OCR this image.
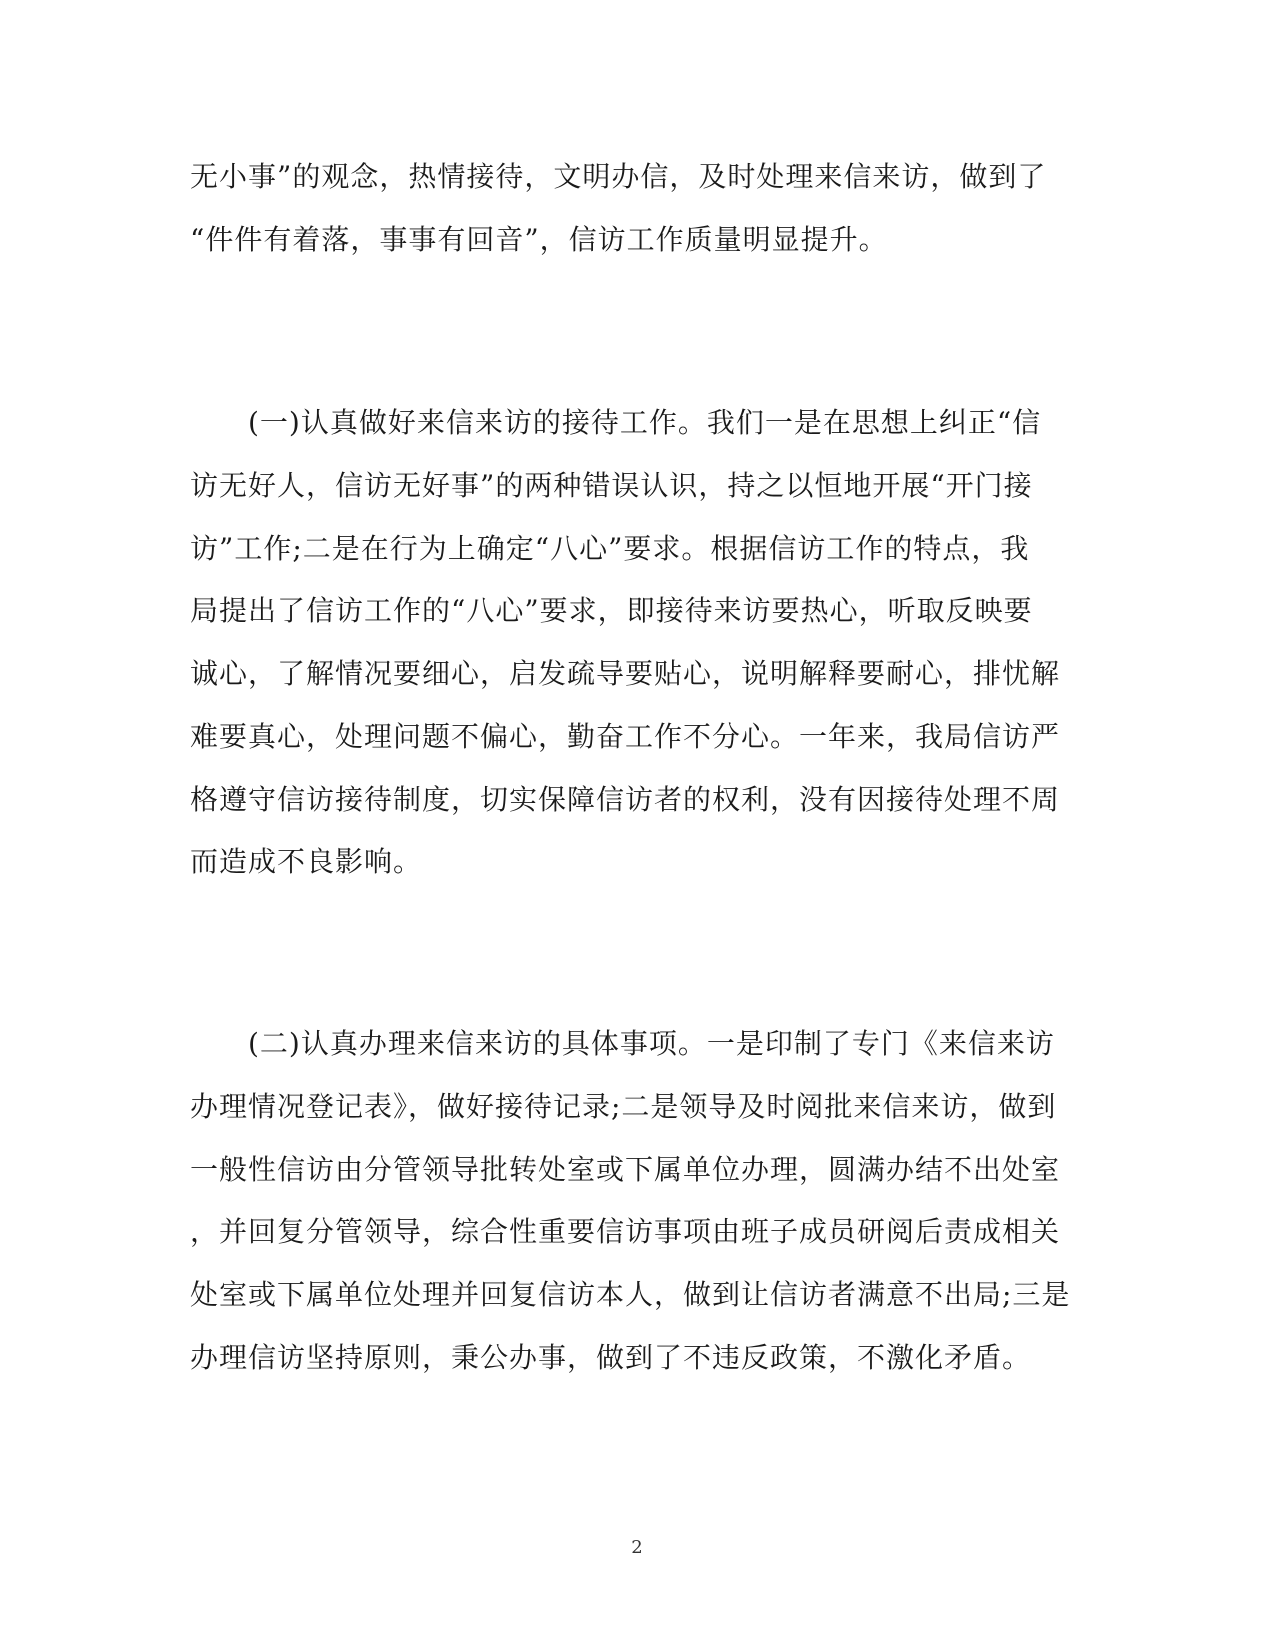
无小事”的观念，热情接待，文明办信，及时处理来信来访，做到了
“件件有着落，事事有回音”，信访工作质量明显提升。
　　(一)认真做好来信来访的接待工作。我们一是在思想上纠正“信
访无好人，信访无好事”的两种错误认识，持之以恒地开展“开门接
访”工作;二是在行为上确定“八心”要求。根据信访工作的特点，我
局提出了信访工作的“八心”要求，即接待来访要热心，听取反映要
诚心，了解情况要细心，启发疏导要贴心，说明解释要耐心，排忧解
难要真心，处理问题不偏心，勤奋工作不分心。一年来，我局信访严
格遵守信访接待制度，切实保障信访者的权利，没有因接待处理不周
而造成不良影响。
　　(二)认真办理来信来访的具体事项。一是印制了专门《来信来访
办理情况登记表》，做好接待记录;二是领导及时阅批来信来访，做到
一般性信访由分管领导批转处室或下属单位办理，圆满办结不出处室
，并回复分管领导，综合性重要信访事项由班子成员研阅后责成相关
处室或下属单位处理并回复信访本人，做到让信访者满意不出局;三是
办理信访坚持原则，秉公办事，做到了不违反政策，不激化矛盾。
2
